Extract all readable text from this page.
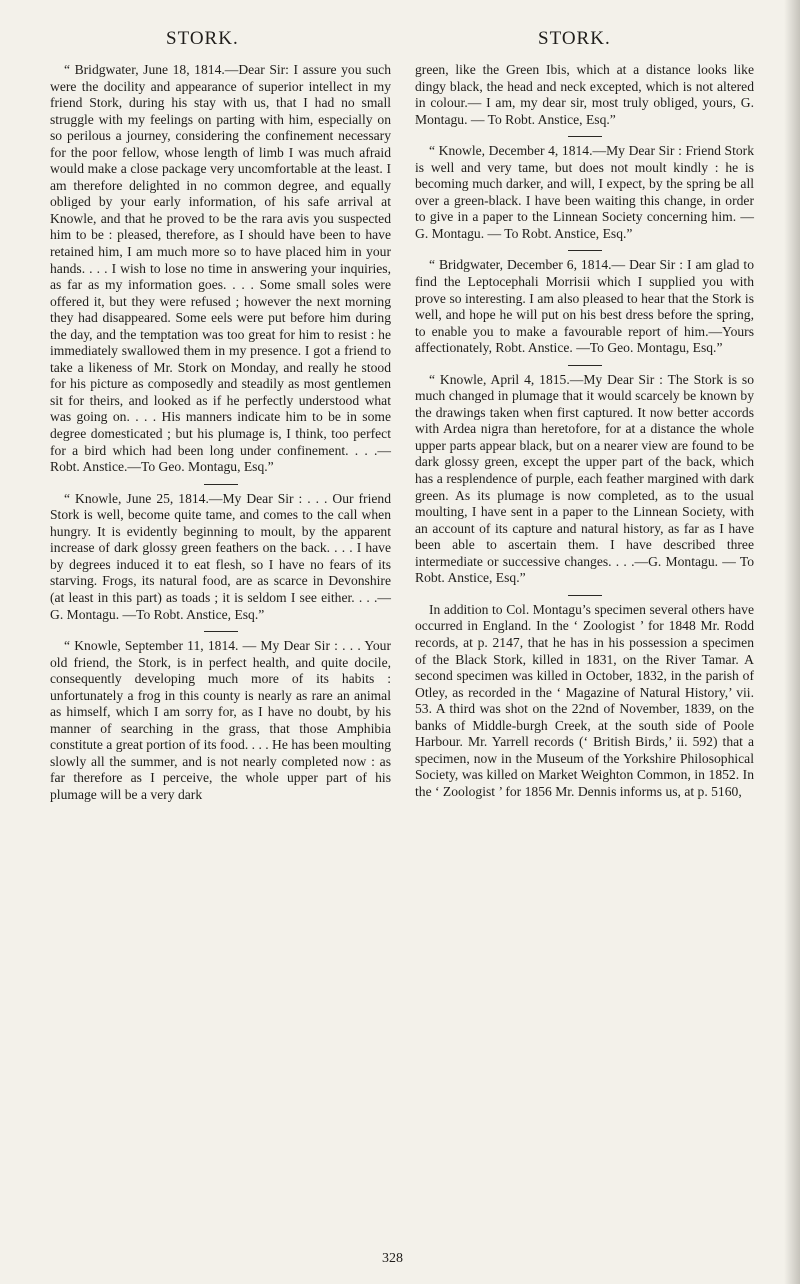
STORK.	STORK.

“ Bridgwater, June 18, 1814.—Dear Sir: I assure you such were the docility and appearance of superior intellect in my friend Stork, during his stay with us, that I had no small struggle with my feelings on parting with him, especially on so perilous a journey, considering the confinement necessary for the poor fellow, whose length of limb I was much afraid would make a close package very uncomfortable at the least. I am therefore delighted in no common degree, and equally obliged by your early information, of his safe arrival at Knowle, and that he proved to be the rara avis you suspected him to be : pleased, therefore, as I should have been to have retained him, I am much more so to have placed him in your hands. . . . I wish to lose no time in answering your inquiries, as far as my information goes. . . . Some small soles were offered it, but they were refused ; however the next morning they had disappeared. Some eels were put before him during the day, and the temptation was too great for him to resist : he immediately swallowed them in my presence. I got a friend to take a likeness of Mr. Stork on Monday, and really he stood for his picture as composedly and steadily as most gentlemen sit for theirs, and looked as if he perfectly understood what was going on. . . . His manners indicate him to be in some degree domesticated ; but his plumage is, I think, too perfect for a bird which had been long under confinement. . . .— Robt. Anstice.—To Geo. Montagu, Esq.”

“ Knowle, June 25, 1814.—My Dear Sir : . . . Our friend Stork is well, become quite tame, and comes to the call when hungry. It is evidently beginning to moult, by the apparent increase of dark glossy green feathers on the back. . . . I have by degrees induced it to eat flesh, so I have no fears of its starving. Frogs, its natural food, are as scarce in Devonshire (at least in this part) as toads ; it is seldom I see either. . . .—G. Montagu. —To Robt. Anstice, Esq.”

“ Knowle, September 11, 1814. — My Dear Sir : . . . Your old friend, the Stork, is in perfect health, and quite docile, consequently developing much more of its habits : unfortunately a frog in this county is nearly as rare an animal as himself, which I am sorry for, as I have no doubt, by his manner of searching in the grass, that those Amphibia constitute a great portion of its food. . . . He has been moulting slowly all the summer, and is not nearly completed now : as far therefore as I perceive, the whole upper part of his plumage will be a very dark

green, like the Green Ibis, which at a distance looks like dingy black, the head and neck excepted, which is not altered in colour.— I am, my dear sir, most truly obliged, yours, G. Montagu. — To Robt. Anstice, Esq.”

“ Knowle, December 4, 1814.—My Dear Sir : Friend Stork is well and very tame, but does not moult kindly : he is becoming much darker, and will, I expect, by the spring be all over a green-black. I have been waiting this change, in order to give in a paper to the Linnean Society concerning him. — G. Montagu. — To Robt. Anstice, Esq.”

“ Bridgwater, December 6, 1814.— Dear Sir : I am glad to find the Leptocephali Morrisii which I supplied you with prove so interesting. I am also pleased to hear that the Stork is well, and hope he will put on his best dress before the spring, to enable you to make a favourable report of him.—Yours affectionately, Robt. Anstice. —To Geo. Montagu, Esq.”

“ Knowle, April 4, 1815.—My Dear Sir : The Stork is so much changed in plumage that it would scarcely be known by the drawings taken when first captured. It now better accords with Ardea nigra than heretofore, for at a distance the whole upper parts appear black, but on a nearer view are found to be dark glossy green, except the upper part of the back, which has a resplendence of purple, each feather margined with dark green. As its plumage is now completed, as to the usual moulting, I have sent in a paper to the Linnean Society, with an account of its capture and natural history, as far as I have been able to ascertain them. I have described three intermediate or successive changes. . . .—G. Montagu. — To Robt. Anstice, Esq.”

In addition to Col. Montagu’s specimen several others have occurred in England. In the ‘ Zoologist ’ for 1848 Mr. Rodd records, at p. 2147, that he has in his possession a specimen of the Black Stork, killed in 1831, on the River Tamar. A second specimen was killed in October, 1832, in the parish of Otley, as recorded in the ‘ Magazine of Natural History,’ vii. 53. A third was shot on the 22nd of November, 1839, on the banks of Middle-burgh Creek, at the south side of Poole Harbour. Mr. Yarrell records (‘ British Birds,’ ii. 592) that a specimen, now in the Museum of the Yorkshire Philosophical Society, was killed on Market Weighton Common, in 1852. In the ‘ Zoologist ’ for 1856 Mr. Dennis informs us, at p. 5160,

328
